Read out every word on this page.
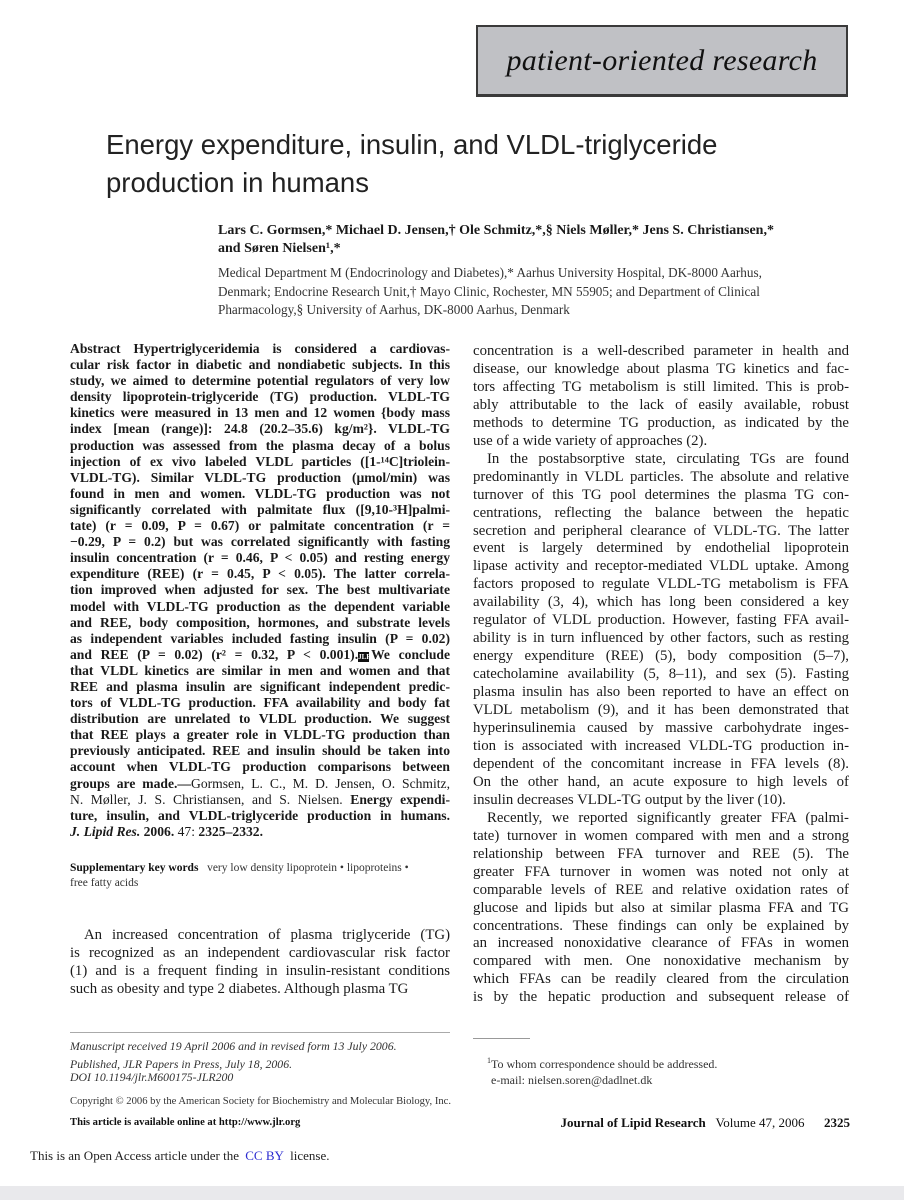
patient-oriented research
Energy expenditure, insulin, and VLDL-triglyceride
production in humans
Lars C. Gormsen,* Michael D. Jensen,† Ole Schmitz,*,§ Niels Møller,* Jens S. Christiansen,*
and Søren Nielsen¹,*
Medical Department M (Endocrinology and Diabetes),* Aarhus University Hospital, DK-8000 Aarhus,
Denmark; Endocrine Research Unit,† Mayo Clinic, Rochester, MN 55905; and Department of Clinical
Pharmacology,§ University of Aarhus, DK-8000 Aarhus, Denmark
Abstract Hypertriglyceridemia is considered a cardiovas-
cular risk factor in diabetic and nondiabetic subjects. In this
study, we aimed to determine potential regulators of very low
density lipoprotein-triglyceride (TG) production. VLDL-TG
kinetics were measured in 13 men and 12 women {body mass
index [mean (range)]: 24.8 (20.2–35.6) kg/m²}. VLDL-TG
production was assessed from the plasma decay of a bolus
injection of ex vivo labeled VLDL particles ([1-¹⁴C]triolein-
VLDL-TG). Similar VLDL-TG production (µmol/min) was
found in men and women. VLDL-TG production was not
significantly correlated with palmitate flux ([9,10-³H]palmi-
tate) (r = 0.09, P = 0.67) or palmitate concentration (r =
−0.29, P = 0.2) but was correlated significantly with fasting
insulin concentration (r = 0.46, P < 0.05) and resting energy
expenditure (REE) (r = 0.45, P < 0.05). The latter correla-
tion improved when adjusted for sex. The best multivariate
model with VLDL-TG production as the dependent variable
and REE, body composition, hormones, and substrate levels
as independent variables included fasting insulin (P = 0.02)
and REE (P = 0.02) (r² = 0.32, P < 0.001).JLRWe conclude
that VLDL kinetics are similar in men and women and that
REE and plasma insulin are significant independent predic-
tors of VLDL-TG production. FFA availability and body fat
distribution are unrelated to VLDL production. We suggest
that REE plays a greater role in VLDL-TG production than
previously anticipated. REE and insulin should be taken into
account when VLDL-TG production comparisons between
groups are made.—Gormsen, L. C., M. D. Jensen, O. Schmitz,
N. Møller, J. S. Christiansen, and S. Nielsen. Energy expendi-
ture, insulin, and VLDL-triglyceride production in humans.
J. Lipid Res. 2006. 47: 2325–2332.
Supplementary key words very low density lipoprotein • lipoproteins •
free fatty acids
An increased concentration of plasma triglyceride (TG)
is recognized as an independent cardiovascular risk factor
(1) and is a frequent finding in insulin-resistant conditions
such as obesity and type 2 diabetes. Although plasma TG
concentration is a well-described parameter in health and
disease, our knowledge about plasma TG kinetics and fac-
tors affecting TG metabolism is still limited. This is prob-
ably attributable to the lack of easily available, robust
methods to determine TG production, as indicated by the
use of a wide variety of approaches (2).
In the postabsorptive state, circulating TGs are found
predominantly in VLDL particles. The absolute and relative
turnover of this TG pool determines the plasma TG con-
centrations, reflecting the balance between the hepatic
secretion and peripheral clearance of VLDL-TG. The latter
event is largely determined by endothelial lipoprotein
lipase activity and receptor-mediated VLDL uptake. Among
factors proposed to regulate VLDL-TG metabolism is FFA
availability (3, 4), which has long been considered a key
regulator of VLDL production. However, fasting FFA avail-
ability is in turn influenced by other factors, such as resting
energy expenditure (REE) (5), body composition (5–7),
catecholamine availability (5, 8–11), and sex (5). Fasting
plasma insulin has also been reported to have an effect on
VLDL metabolism (9), and it has been demonstrated that
hyperinsulinemia caused by massive carbohydrate inges-
tion is associated with increased VLDL-TG production in-
dependent of the concomitant increase in FFA levels (8).
On the other hand, an acute exposure to high levels of
insulin decreases VLDL-TG output by the liver (10).
Recently, we reported significantly greater FFA (palmi-
tate) turnover in women compared with men and a strong
relationship between FFA turnover and REE (5). The
greater FFA turnover in women was noted not only at
comparable levels of REE and relative oxidation rates of
glucose and lipids but also at similar plasma FFA and TG
concentrations. These findings can only be explained by
an increased nonoxidative clearance of FFAs in women
compared with men. One nonoxidative mechanism by
which FFAs can be readily cleared from the circulation
is by the hepatic production and subsequent release of
Manuscript received 19 April 2006 and in revised form 13 July 2006.
Published, JLR Papers in Press, July 18, 2006.
DOI 10.1194/jlr.M600175-JLR200
Copyright © 2006 by the American Society for Biochemistry and Molecular Biology, Inc.
This article is available online at http://www.jlr.org
$^1$To whom correspondence should be addressed.
e-mail: nielsen.soren@dadlnet.dk
Journal of Lipid Research Volume 47, 2006 2325
This is an Open Access article under the CC BY license.
